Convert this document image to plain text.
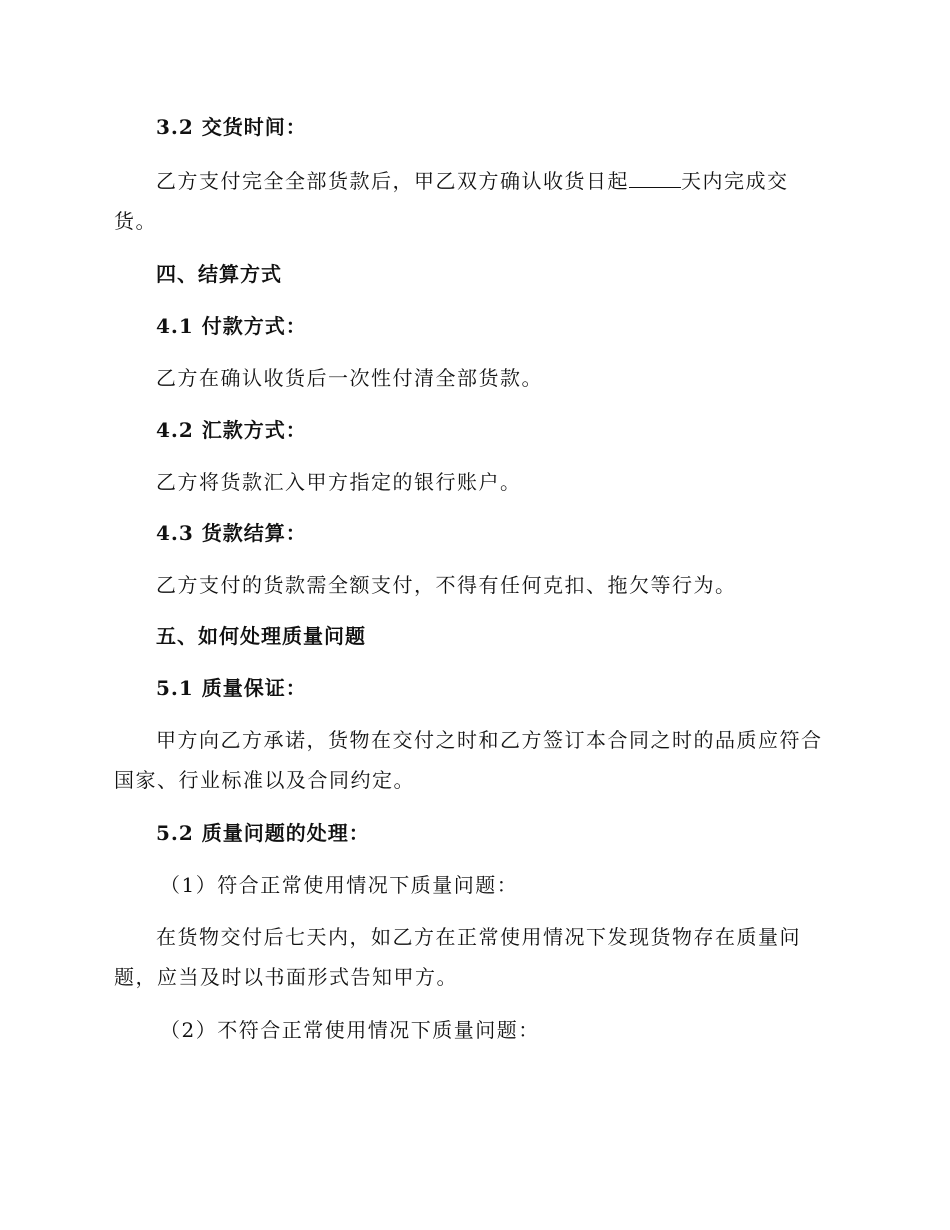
3.2 交货时间：
乙方支付完全全部货款后，甲乙双方确认收货日起	天内完成交
货。
四、结算方式
4.1 付款方式：
乙方在确认收货后一次性付清全部货款。
4.2 汇款方式：
乙方将货款汇入甲方指定的银行账户。
4.3 货款结算：
乙方支付的货款需全额支付，不得有任何克扣、拖欠等行为。
五、如何处理质量问题
5.1 质量保证：
甲方向乙方承诺，货物在交付之时和乙方签订本合同之时的品质应符合
国家、行业标准以及合同约定。
5.2 质量问题的处理：
（1）符合正常使用情况下质量问题：
在货物交付后七天内，如乙方在正常使用情况下发现货物存在质量问
题，应当及时以书面形式告知甲方。
（2）不符合正常使用情况下质量问题：
